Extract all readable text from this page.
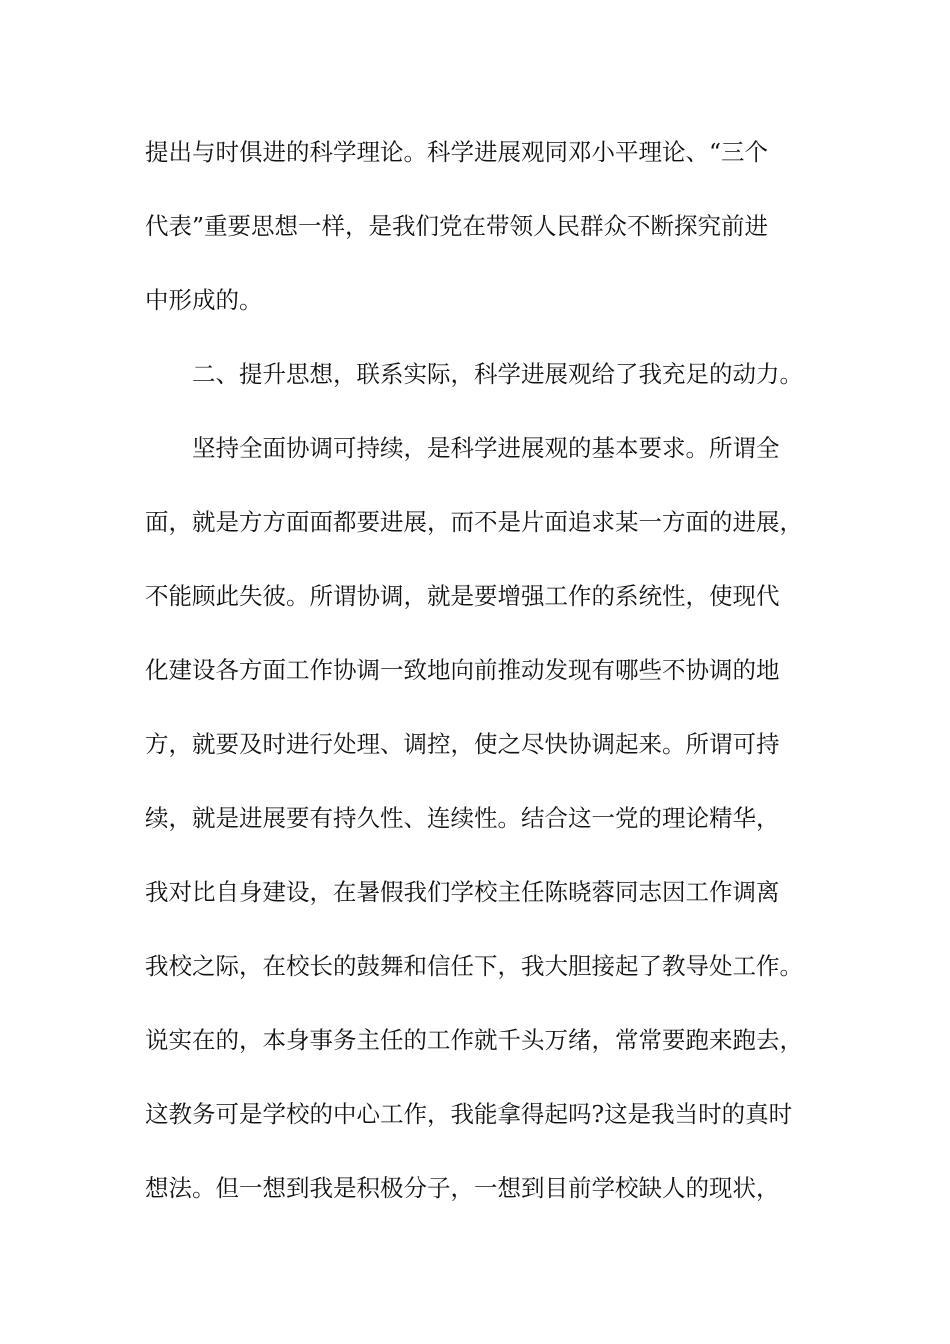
提出与时俱进的科学理论。科学进展观同邓小平理论、“三个
代表”重要思想一样，是我们党在带领人民群众不断探究前进
中形成的。
二、提升思想，联系实际，科学进展观给了我充足的动力。
坚持全面协调可持续，是科学进展观的基本要求。所谓全
面，就是方方面面都要进展，而不是片面追求某一方面的进展，
不能顾此失彼。所谓协调，就是要增强工作的系统性，使现代
化建设各方面工作协调一致地向前推动发现有哪些不协调的地
方，就要及时进行处理、调控，使之尽快协调起来。所谓可持
续，就是进展要有持久性、连续性。结合这一党的理论精华，
我对比自身建设，在暑假我们学校主任陈晓蓉同志因工作调离
我校之际，在校长的鼓舞和信任下，我大胆接起了教导处工作。
说实在的，本身事务主任的工作就千头万绪，常常要跑来跑去，
这教务可是学校的中心工作，我能拿得起吗?这是我当时的真时
想法。但一想到我是积极分子，一想到目前学校缺人的现状，
